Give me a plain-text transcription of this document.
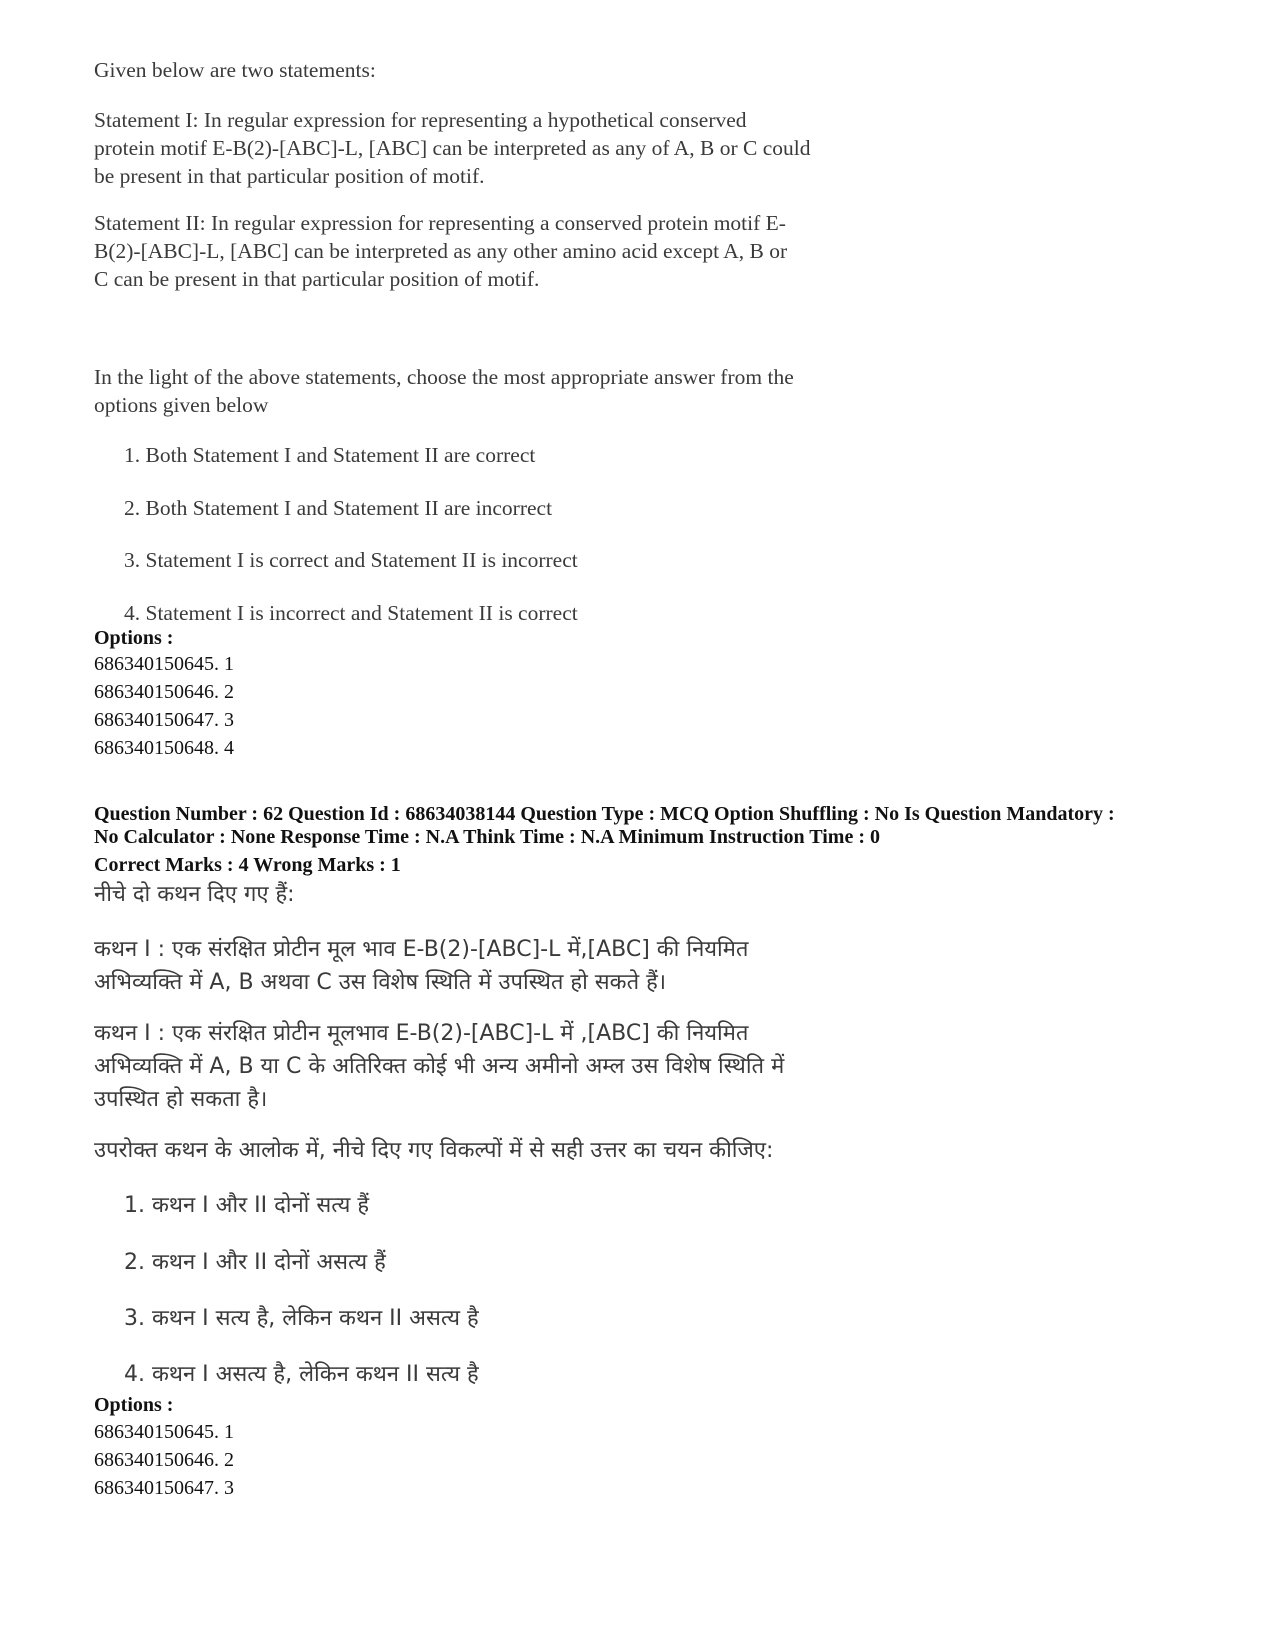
Given below are two statements:

Statement I: In regular expression for representing a hypothetical conserved

protein motif E-B(2)-[ABC]-L, [ABC] can be interpreted as any of A, B or C could

be present in that particular position of motif.

Statement II: In regular expression for representing a conserved protein motif E-

B(2)-[ABC]-L, [ABC] can be interpreted as any other amino acid except A, B or

C can be present in that particular position of motif.

In the light of the above statements, choose the most appropriate answer from the

options given below

1. Both Statement I and Statement II are correct
2. Both Statement I and Statement II are incorrect
3. Statement I is correct and Statement II is incorrect
4. Statement I is incorrect and Statement II is correct
Options :
686340150645. 1
686340150646. 2
686340150647. 3
686340150648. 4
Question Number : 62 Question Id : 68634038144 Question Type : MCQ Option Shuffling : No Is Question Mandatory :
No Calculator : None Response Time : N.A Think Time : N.A Minimum Instruction Time : 0
Correct Marks : 4 Wrong Marks : 1

नीचे दो कथन दिए गए हैं:

कथन I : एक संरक्षित प्रोटीन मूल भाव E-B(2)-[ABC]-L में,[ABC] की नियमित

अभिव्यक्ति में A, B अथवा C उस विशेष स्थिति में उपस्थित हो सकते हैं।

कथन I : एक संरक्षित प्रोटीन मूलभाव E-B(2)-[ABC]-L में ,[ABC] की नियमित

अभिव्यक्ति में A, B या C के अतिरिक्त कोई भी अन्य अमीनो अम्ल उस विशेष स्थिति में

उपस्थित हो सकता है।

उपरोक्त कथन के आलोक में, नीचे दिए गए विकल्पों में से सही उत्तर का चयन कीजिए:

1. कथन I और II दोनों सत्य हैं
2. कथन I और II दोनों असत्य हैं
3. कथन I सत्य है, लेकिन कथन II असत्य है
4. कथन I असत्य है, लेकिन कथन II सत्य है
Options :
686340150645. 1
686340150646. 2
686340150647. 3
